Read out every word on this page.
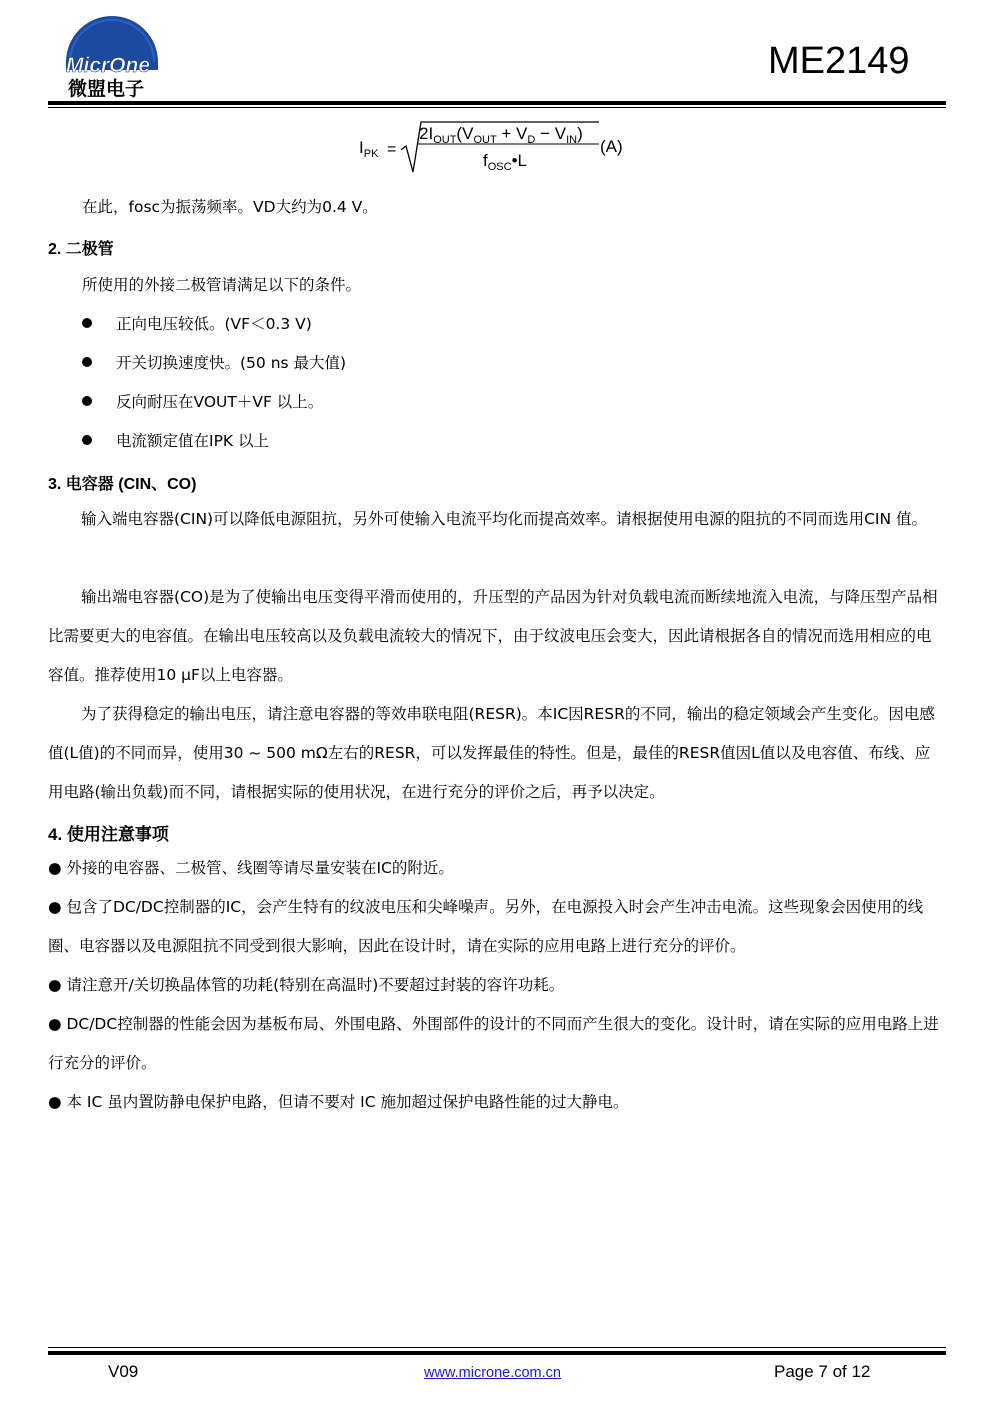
MicrOne
微盟电子
ME2149
$I_{PK}$ =
$2I_{OUT}(V_{OUT} + V_D - V_{IN})$
$f_{OSC}•L$
(A)
在此，fosc为振荡频率。VD大约为0.4 V。
2. 二极管
所使用的外接二极管请满足以下的条件。
正向电压较低。(VF＜0.3 V)
开关切换速度快。(50 ns 最大值)
反向耐压在VOUT＋VF 以上。
电流额定值在IPK 以上
3. 电容器 (CIN、CO)
输入端电容器(CIN)可以降低电源阻抗，另外可使输入电流平均化而提高效率。请根据使用电源的阻抗的不同而选用CIN 值。
输出端电容器(CO)是为了使输出电压变得平滑而使用的，升压型的产品因为针对负载电流而断续地流入电流，与降压型产品相比需要更大的电容值。在输出电压较高以及负载电流较大的情况下，由于纹波电压会变大，因此请根据各自的情况而选用相应的电容值。推荐使用10 μF以上电容器。
为了获得稳定的输出电压，请注意电容器的等效串联电阻(RESR)。本IC因RESR的不同，输出的稳定领域会产生变化。因电感值(L值)的不同而异，使用30 ~ 500 mΩ左右的RESR，可以发挥最佳的特性。但是，最佳的RESR值因L值以及电容值、布线、应用电路(输出负载)而不同，请根据实际的使用状况，在进行充分的评价之后，再予以决定。
4. 使用注意事项
● 外接的电容器、二极管、线圈等请尽量安装在IC的附近。
● 包含了DC/DC控制器的IC，会产生特有的纹波电压和尖峰噪声。另外，在电源投入时会产生冲击电流。这些现象会因使用的线圈、电容器以及电源阻抗不同受到很大影响，因此在设计时，请在实际的应用电路上进行充分的评价。
● 请注意开/关切换晶体管的功耗(特别在高温时)不要超过封装的容许功耗。
● DC/DC控制器的性能会因为基板布局、外围电路、外围部件的设计的不同而产生很大的变化。设计时，请在实际的应用电路上进行充分的评价。
● 本 IC 虽内置防静电保护电路，但请不要对 IC 施加超过保护电路性能的过大静电。
V09	www.microne.com.cn	Page 7 of 12
